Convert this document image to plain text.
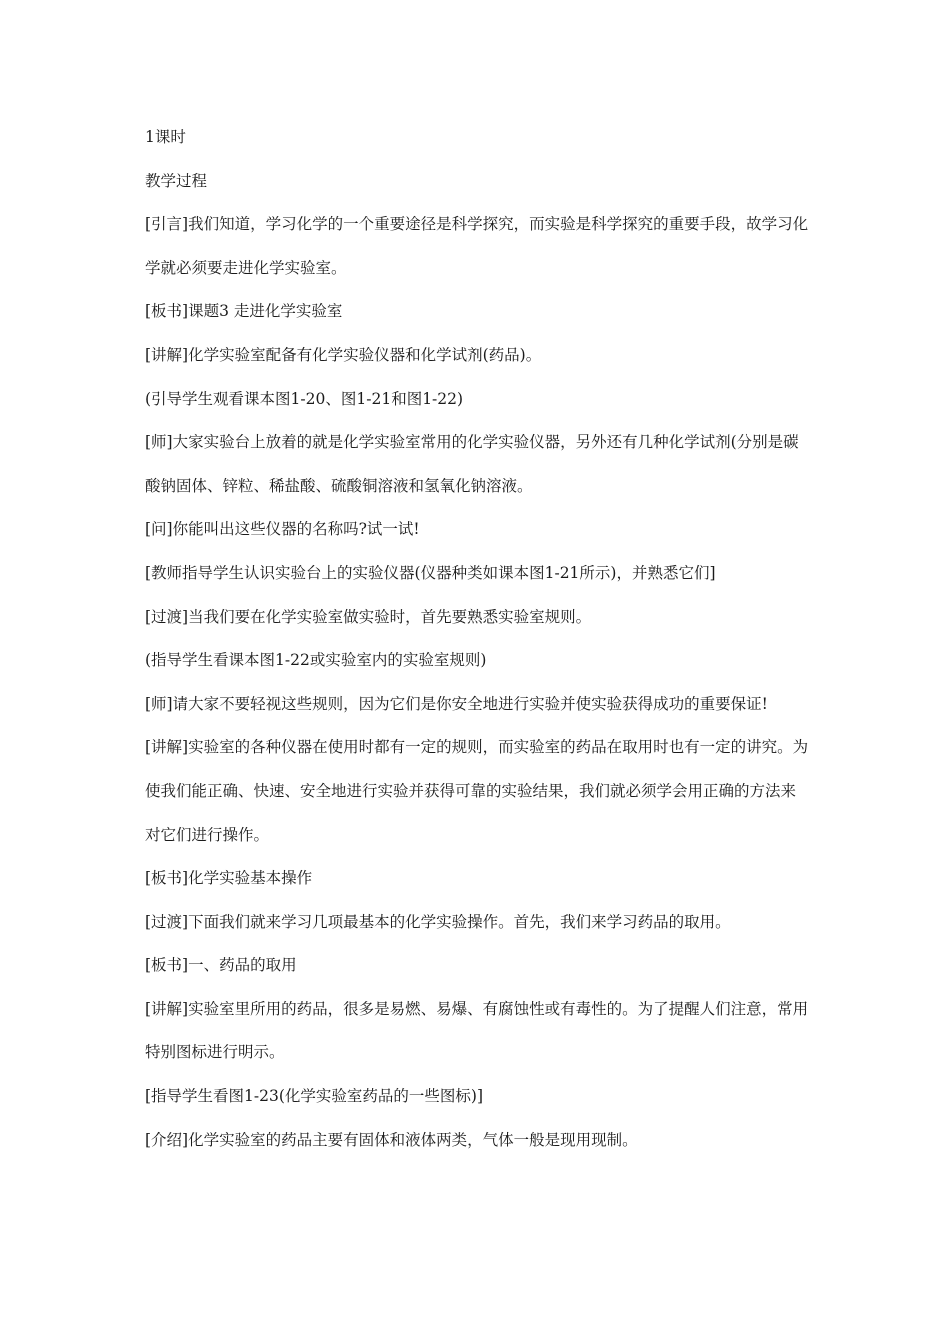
1课时

教学过程

[引言]我们知道，学习化学的一个重要途径是科学探究，而实验是科学探究的重要手段，故学习化学就必须要走进化学实验室。

[板书]课题3 走进化学实验室

[讲解]化学实验室配备有化学实验仪器和化学试剂(药品)。

(引导学生观看课本图1-20、图1-21和图1-22)

[师]大家实验台上放着的就是化学实验室常用的化学实验仪器，另外还有几种化学试剂(分别是碳酸钠固体、锌粒、稀盐酸、硫酸铜溶液和氢氧化钠溶液。

[问]你能叫出这些仪器的名称吗?试一试!

[教师指导学生认识实验台上的实验仪器(仪器种类如课本图1-21所示)，并熟悉它们]

[过渡]当我们要在化学实验室做实验时，首先要熟悉实验室规则。

(指导学生看课本图1-22或实验室内的实验室规则)

[师]请大家不要轻视这些规则，因为它们是你安全地进行实验并使实验获得成功的重要保证!

[讲解]实验室的各种仪器在使用时都有一定的规则，而实验室的药品在取用时也有一定的讲究。为使我们能正确、快速、安全地进行实验并获得可靠的实验结果，我们就必须学会用正确的方法来对它们进行操作。

[板书]化学实验基本操作

[过渡]下面我们就来学习几项最基本的化学实验操作。首先，我们来学习药品的取用。

[板书]一、药品的取用

[讲解]实验室里所用的药品，很多是易燃、易爆、有腐蚀性或有毒性的。为了提醒人们注意，常用特别图标进行明示。

[指导学生看图1-23(化学实验室药品的一些图标)]

[介绍]化学实验室的药品主要有固体和液体两类，气体一般是现用现制。
